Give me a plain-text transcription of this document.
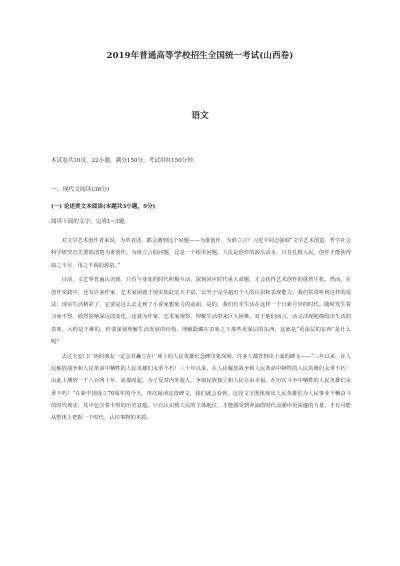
2019年普通高等学校招生全国统一考试(山西卷)
语文
本试卷共10页，22小题，满分150分。考试用时150分钟。
一、现代文阅读(36分)
(一) 论述类文本阅读(本题共3小题，9分)
阅读下面的文字，完成1~3题。

对文学艺术创作者来说，为草表述，都会遇到这个问题——为谁创作、为谁立言？习近平同志强调“文学艺术创造、哲学社会科学研究首先要搞清楚为谁创作、为谁立言的问题，这是一个根本问题。人民是创作的源头活水，只有扎根人民，创作才能获得取之不尽、用之不竭的源泉。”

目前，文艺界普遍认识到，只有与身处的时代积极互动，深刻回应时代重大命题，才会获得艺术创作的蓬勃生机。然而，在创作实践中，还有许多作家、艺术家困惑于现实如此宏大丰富，以至于完全超出个人的认识和表现能力。我们常常听到这样的说法：现实生活精彩了，它要是这么去走到了小说家想象力的前面，是的，我们有幸生活在这样一个日新月异的时代。随时发生着习而不察、剧烈影响深远的变化，这就为作家、艺术家观察、理解生活带来巨大困难。对于他们而言，活灵活现地描绘出生活的表象，大约是不难的，但要深刻理解生活发展的结构，理解隐藏在表象之下那些更深层的东西，这就是“更深层的东西”是什么呢？

去过天安门广场的朋友一定会对矗立在广场上的人民英雄纪念碑印象深刻，许多人都背得出上面的碑文——“三年以来，在人民解放战争和人民革命中牺牲的人民英雄们永垂不朽！三十年以来，在人民解放战争和人民革命中牺牲的人民英雄们永垂不朽！由此上溯到一千八百四十年，从那时起，为了反对内外敌人，争取民族独立和人民自由幸福，在历次斗争中牺牲的人民英雄们永垂不朽！”在新中国成立70周年的今天，再次阅读这段碑文，我们就会看到，这段文字既体现出人民英雄们为人民事业不懈奋斗的时代现实，其中包含着丰厚的历史意蕴。只有认识到人民的主体地位，才能感受到奔涌的时代浪潮中更深邃的力量，才有可能从整体上把握一个时代，认识事物的本质。
